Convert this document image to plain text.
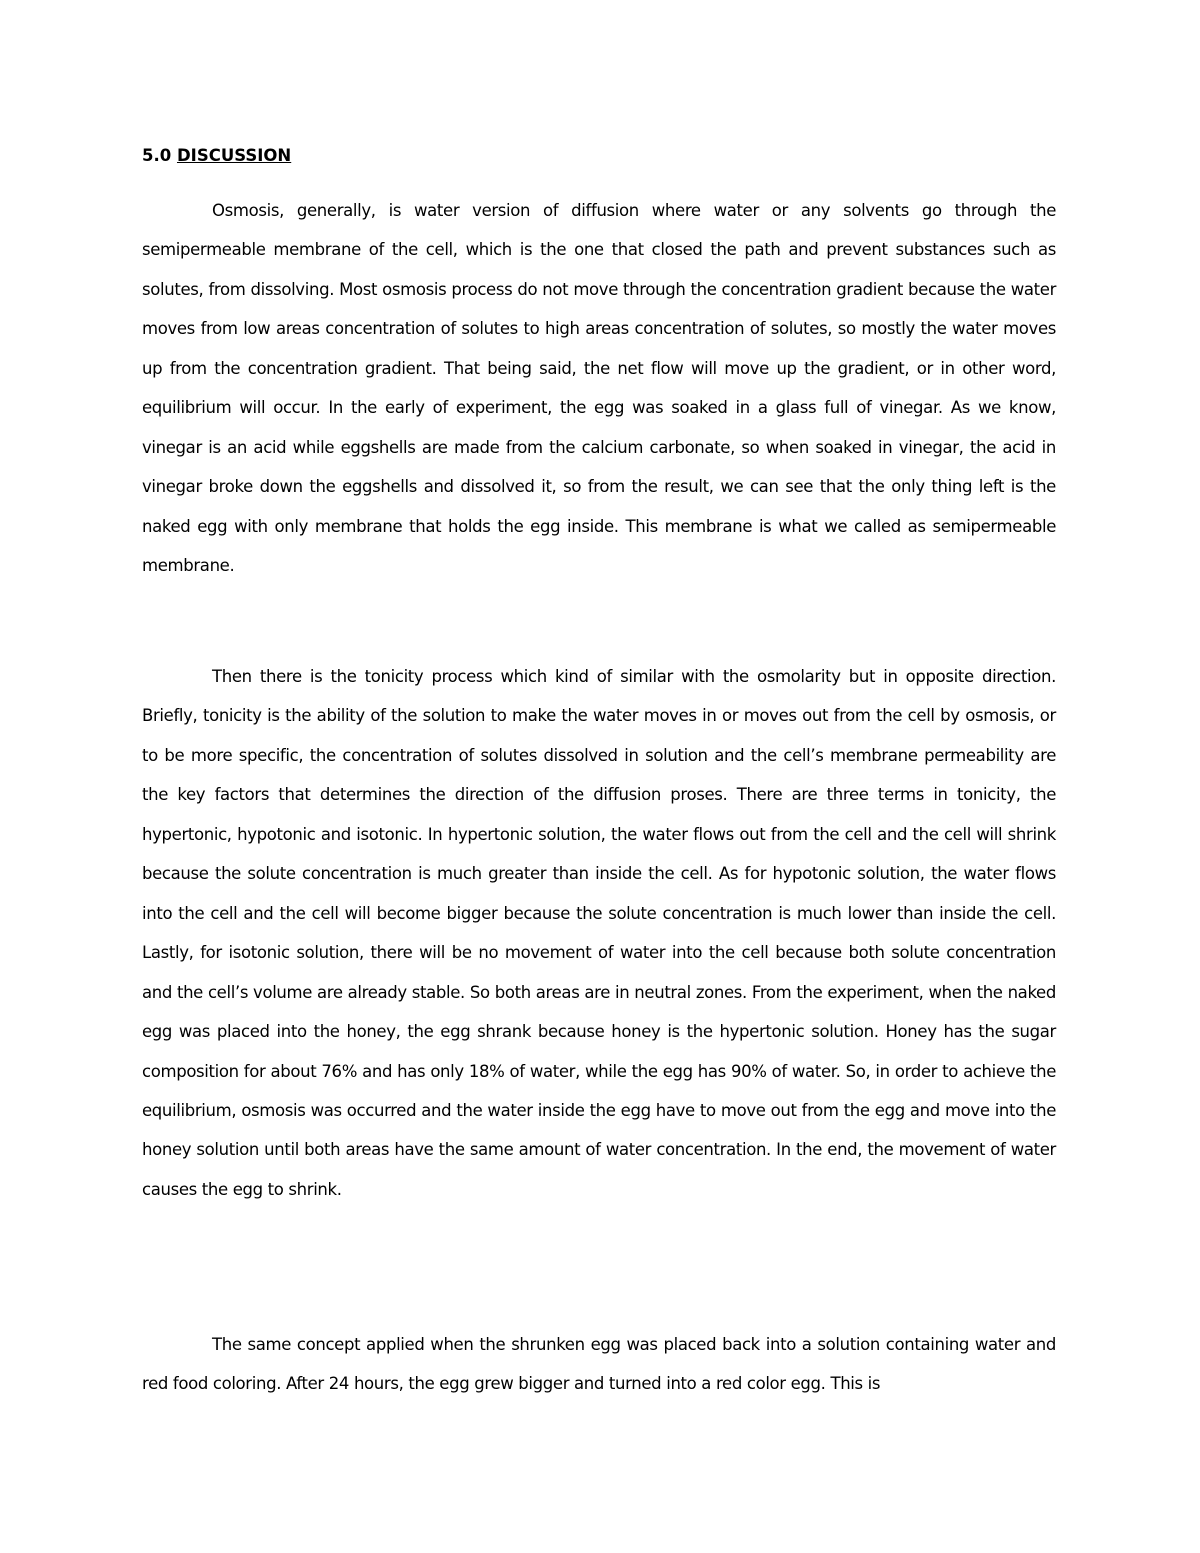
5.0 DISCUSSION

Osmosis, generally, is water version of diffusion where water or any solvents go through the semipermeable membrane of the cell, which is the one that closed the path and prevent substances such as solutes, from dissolving. Most osmosis process do not move through the concentration gradient because the water moves from low areas concentration of solutes to high areas concentration of solutes, so mostly the water moves up from the concentration gradient. That being said, the net flow will move up the gradient, or in other word, equilibrium will occur. In the early of experiment, the egg was soaked in a glass full of vinegar. As we know, vinegar is an acid while eggshells are made from the calcium carbonate, so when soaked in vinegar, the acid in vinegar broke down the eggshells and dissolved it, so from the result, we can see that the only thing left is the naked egg with only membrane that holds the egg inside. This membrane is what we called as semipermeable membrane.

Then there is the tonicity process which kind of similar with the osmolarity but in opposite direction. Briefly, tonicity is the ability of the solution to make the water moves in or moves out from the cell by osmosis, or to be more specific, the concentration of solutes dissolved in solution and the cell’s membrane permeability are the key factors that determines the direction of the diffusion proses. There are three terms in tonicity, the hypertonic, hypotonic and isotonic. In hypertonic solution, the water flows out from the cell and the cell will shrink because the solute concentration is much greater than inside the cell. As for hypotonic solution, the water flows into the cell and the cell will become bigger because the solute concentration is much lower than inside the cell. Lastly, for isotonic solution, there will be no movement of water into the cell because both solute concentration and the cell’s volume are already stable. So both areas are in neutral zones. From the experiment, when the naked egg was placed into the honey, the egg shrank because honey is the hypertonic solution. Honey has the sugar composition for about 76% and has only 18% of water, while the egg has 90% of water. So, in order to achieve the equilibrium, osmosis was occurred and the water inside the egg have to move out from the egg and move into the honey solution until both areas have the same amount of water concentration. In the end, the movement of water causes the egg to shrink.

The same concept applied when the shrunken egg was placed back into a solution containing water and red food coloring. After 24 hours, the egg grew bigger and turned into a red color egg. This is
